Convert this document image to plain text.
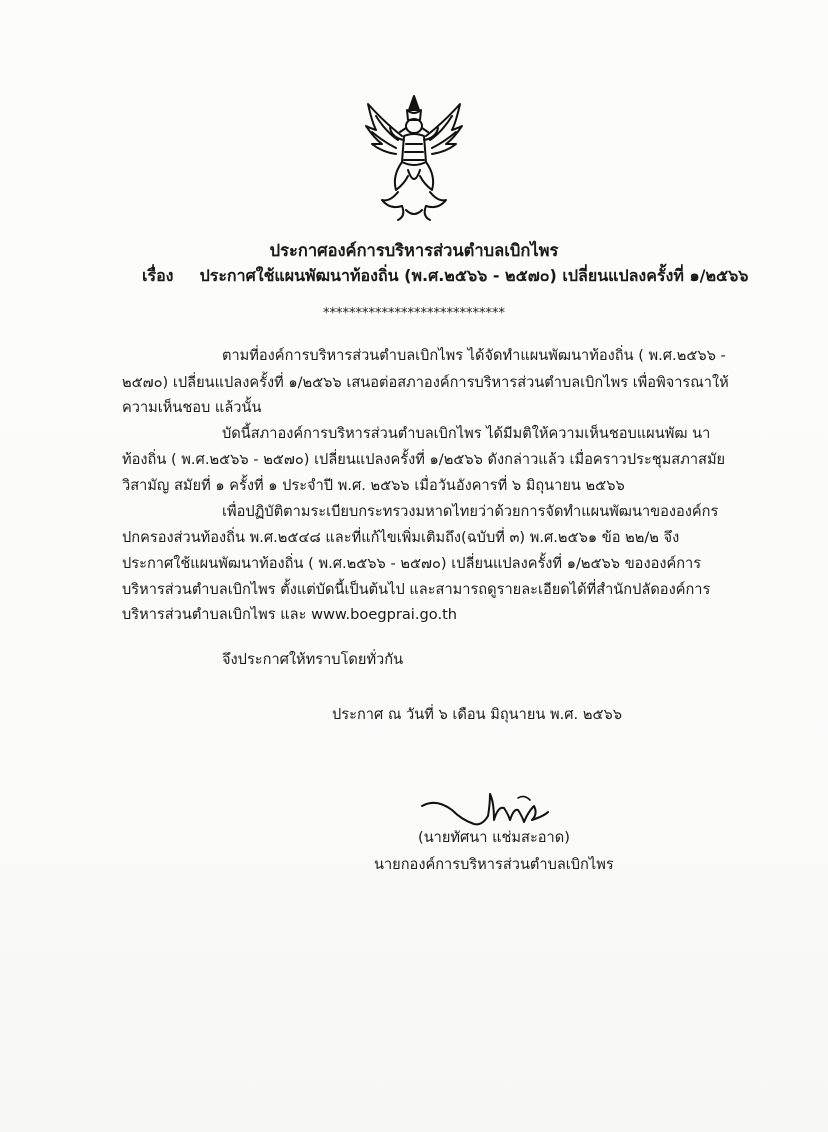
ประกาศองค์การบริหารส่วนตำบลเบิกไพร
เรื่อง ประกาศใช้แผนพัฒนาท้องถิ่น (พ.ศ.๒๕๖๖ - ๒๕๗๐) เปลี่ยนแปลงครั้งที่ ๑/๒๕๖๖
****************************
ตามที่องค์การบริหารส่วนตำบลเบิกไพร ได้จัดทำแผนพัฒนาท้องถิ่น ( พ.ศ.๒๕๖๖ -
๒๕๗๐) เปลี่ยนแปลงครั้งที่ ๑/๒๕๖๖ เสนอต่อสภาองค์การบริหารส่วนตำบลเบิกไพร เพื่อพิจารณาให้
ความเห็นชอบ แล้วนั้น
บัดนี้สภาองค์การบริหารส่วนตำบลเบิกไพร ได้มีมติให้ความเห็นชอบแผนพัฒ นา
ท้องถิ่น ( พ.ศ.๒๕๖๖ - ๒๕๗๐) เปลี่ยนแปลงครั้งที่ ๑/๒๕๖๖ ดังกล่าวแล้ว เมื่อคราวประชุมสภาสมัย
วิสามัญ สมัยที่ ๑ ครั้งที่ ๑ ประจำปี พ.ศ. ๒๕๖๖ เมื่อวันอังคารที่ ๖ มิถุนายน ๒๕๖๖
เพื่อปฏิบัติตามระเบียบกระทรวงมหาดไทยว่าด้วยการจัดทำแผนพัฒนาขององค์กร
ปกครองส่วนท้องถิ่น พ.ศ.๒๕๔๘ และที่แก้ไขเพิ่มเติมถึง(ฉบับที่ ๓) พ.ศ.๒๕๖๑ ข้อ ๒๒/๒ จึง
ประกาศใช้แผนพัฒนาท้องถิ่น ( พ.ศ.๒๕๖๖ - ๒๕๗๐) เปลี่ยนแปลงครั้งที่ ๑/๒๕๖๖ ขององค์การ
บริหารส่วนตำบลเบิกไพร ตั้งแต่บัดนี้เป็นต้นไป และสามารถดูรายละเอียดได้ที่สำนักปลัดองค์การ
บริหารส่วนตำบลเบิกไพร และ www.boegprai.go.th
จึงประกาศให้ทราบโดยทั่วกัน
ประกาศ ณ วันที่ ๖ เดือน มิถุนายน พ.ศ. ๒๕๖๖
(นายทัศนา แช่มสะอาด)
นายกองค์การบริหารส่วนตำบลเบิกไพร
